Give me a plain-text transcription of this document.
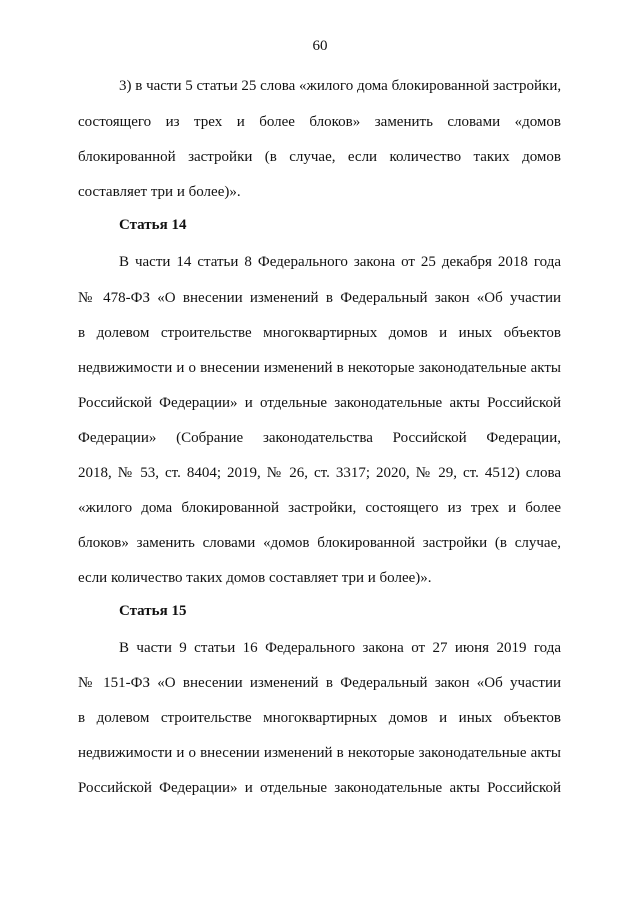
60
3) в части 5 статьи 25 слова «жилого дома блокированной застройки,
состоящего из трех и более блоков» заменить словами «домов
блокированной застройки (в случае, если количество таких домов
составляет три и более)».
Статья 14
В части 14 статьи 8 Федерального закона от 25 декабря 2018 года
№ 478-ФЗ «О внесении изменений в Федеральный закон «Об участии
в долевом строительстве многоквартирных домов и иных объектов
недвижимости и о внесении изменений в некоторые законодательные акты
Российской Федерации» и отдельные законодательные акты Российской
Федерации» (Собрание законодательства Российской Федерации,
2018, № 53, ст. 8404; 2019, № 26, ст. 3317; 2020, № 29, ст. 4512) слова
«жилого дома блокированной застройки, состоящего из трех и более
блоков» заменить словами «домов блокированной застройки (в случае,
если количество таких домов составляет три и более)».
Статья 15
В части 9 статьи 16 Федерального закона от 27 июня 2019 года
№ 151-ФЗ «О внесении изменений в Федеральный закон «Об участии
в долевом строительстве многоквартирных домов и иных объектов
недвижимости и о внесении изменений в некоторые законодательные акты
Российской Федерации» и отдельные законодательные акты Российской
